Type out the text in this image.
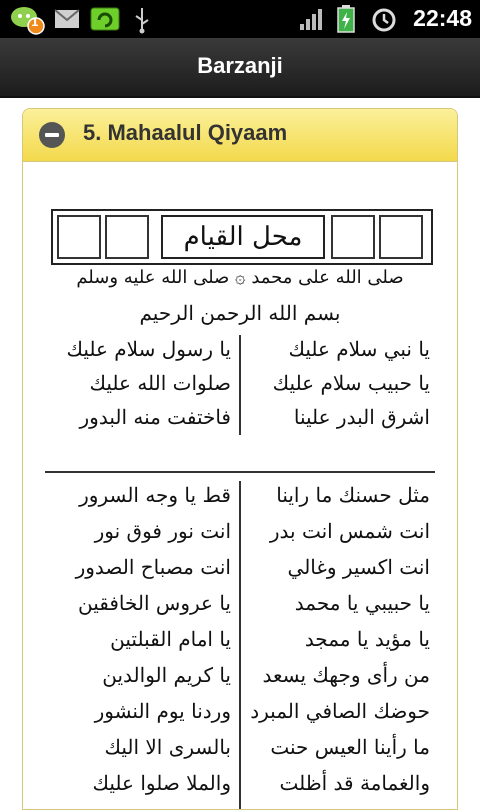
1	22:48
Barzanji
5. Mahaalul Qiyaam
محل القيام
صلى الله على محمد ۞ صلى الله عليه وسلم
بسم الله الرحمن الرحيم
يا نبي سلام عليك
يا حبيب سلام عليك
اشرق البدر علينا
يا رسول سلام عليك
صلوات الله عليك
فاختفت منه البدور
مثل حسنك ما راينا
انت شمس انت بدر
انت اكسير وغالي
يا حبيبي يا محمد
يا مؤيد يا ممجد
من رأى وجهك يسعد
حوضك الصافي المبرد
ما رأينا العيس حنت
والغمامة قد أظلت
قط يا وجه السرور
انت نور فوق نور
انت مصباح الصدور
يا عروس الخافقين
يا امام القبلتين
يا كريم الوالدين
وردنا يوم النشور
بالسرى الا اليك
والملا صلوا عليك
